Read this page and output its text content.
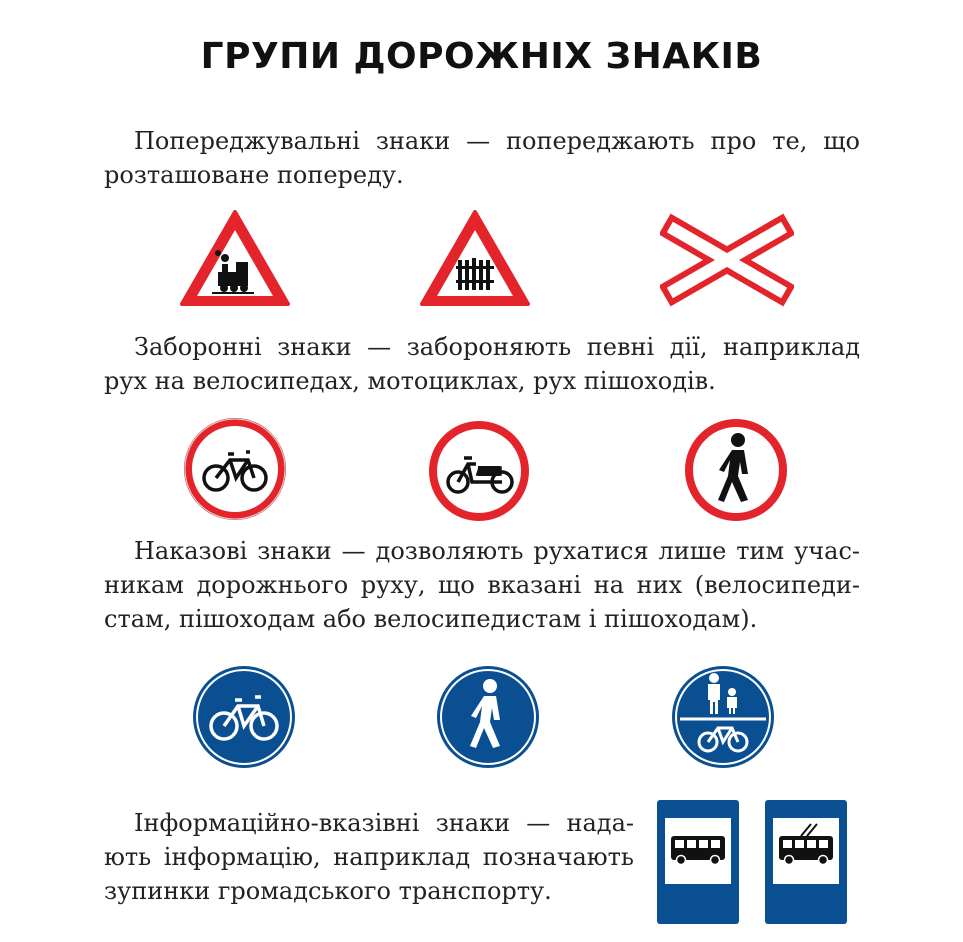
ГРУПИ ДОРОЖНІХ ЗНАКІВ
Попереджувальні знаки — попереджають про те, що
розташоване попереду.
Заборонні знаки — забороняють певні дії, наприклад
рух на велосипедах, мотоциклах, рух пішоходів.
Наказові знаки — дозволяють рухатися лише тим учас-
никам дорожнього руху, що вказані на них (велосипеди-
стам, пішоходам або велосипедистам і пішоходам).
Інформаційно-вказівні знаки — нада-
ють інформацію, наприклад позначають
зупинки громадського транспорту.
